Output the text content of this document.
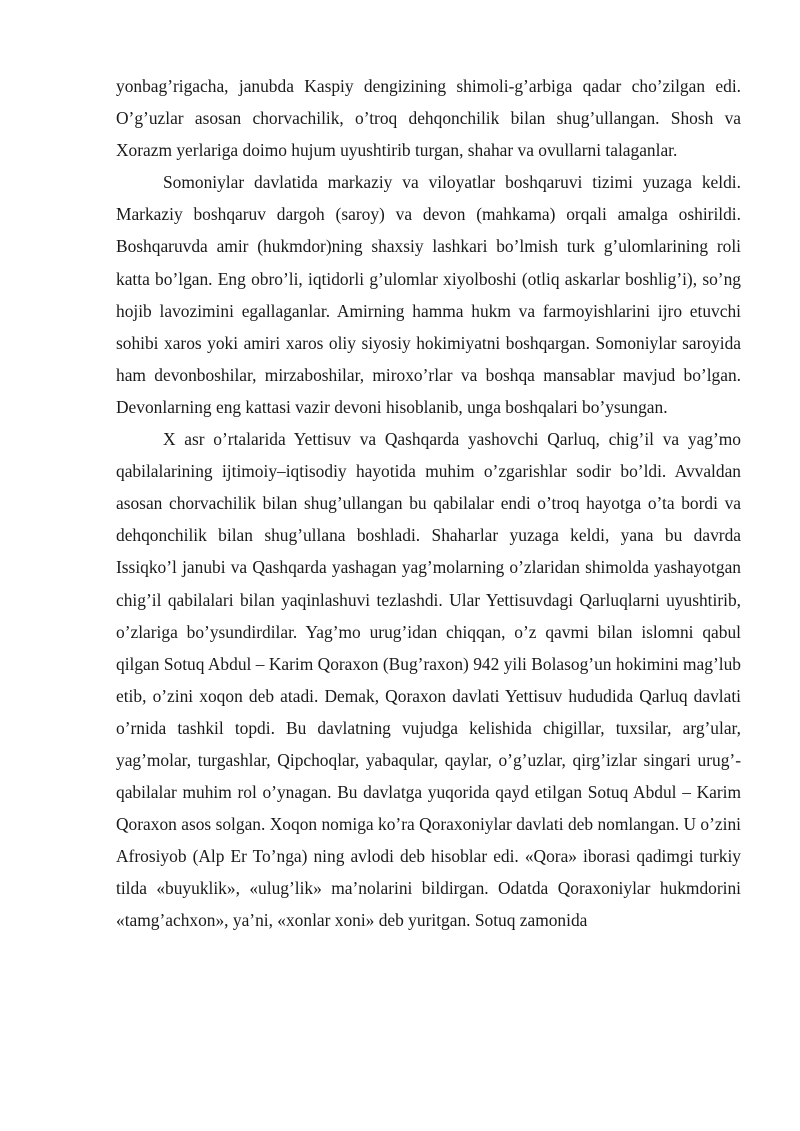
yonbag’rigacha, janubda Kaspiy dengizining shimoli-g’arbiga qadar cho’zilgan edi. O’g’uzlar asosan chorvachilik, o’troq dehqonchilik bilan shug’ullangan. Shosh va Xorazm yerlariga doimo hujum uyushtirib turgan, shahar va ovullarni talaganlar.

Somoniylar davlatida markaziy va viloyatlar boshqaruvi tizimi yuzaga keldi. Markaziy boshqaruv dargoh (saroy) va devon (mahkama) orqali amalga oshirildi. Boshqaruvda amir (hukmdor)ning shaxsiy lashkari bo’lmish turk g’ulomlarining roli katta bo’lgan. Eng obro’li, iqtidorli g’ulomlar xiyolboshi (otliq askarlar boshlig’i), so’ng hojib lavozimini egallaganlar. Amirning hamma hukm va farmoyishlarini ijro etuvchi sohibi xaros yoki amiri xaros oliy siyosiy hokimiyatni boshqargan. Somoniylar saroyida ham devonboshilar, mirzaboshilar, miroxo’rlar va boshqa mansablar mavjud bo’lgan. Devonlarning eng kattasi vazir devoni hisoblanib, unga boshqalari bo’ysungan.

X asr o’rtalarida Yettisuv va Qashqarda yashovchi Qarluq, chig’il va yag’mo qabilalarining ijtimoiy–iqtisodiy hayotida muhim o’zgarishlar sodir bo’ldi. Avvaldan asosan chorvachilik bilan shug’ullangan bu qabilalar endi o’troq hayotga o’ta bordi va dehqonchilik bilan shug’ullana boshladi. Shaharlar yuzaga keldi, yana bu davrda Issiqko’l janubi va Qashqarda yashagan yag’molarning o’zlaridan shimolda yashayotgan chig’il qabilalari bilan yaqinlashuvi tezlashdi. Ular Yettisuvdagi Qarluqlarni uyushtirib, o’zlariga bo’ysundirdilar. Yag’mo urug’idan chiqqan, o’z qavmi bilan islomni qabul qilgan Sotuq Abdul – Karim Qoraxon (Bug’raxon) 942 yili Bolasog’un hokimini mag’lub etib, o’zini xoqon deb atadi. Demak, Qoraxon davlati Yettisuv hududida Qarluq davlati o’rnida tashkil topdi. Bu davlatning vujudga kelishida chigillar, tuxsilar, arg’ular, yag’molar, turgashlar, Qipchoqlar, yabaqular, qaylar, o’g’uzlar, qirg’izlar singari urug’-qabilalar muhim rol o’ynagan. Bu davlatga yuqorida qayd etilgan Sotuq Abdul – Karim Qoraxon asos solgan. Xoqon nomiga ko’ra Qoraxoniylar davlati deb nomlangan. U o’zini Afrosiyob (Alp Er To’nga) ning avlodi deb hisoblar edi. «Qora» iborasi qadimgi turkiy tilda «buyuklik», «ulug’lik» ma’nolarini bildirgan. Odatda Qoraxoniylar hukmdorini «tamg’achxon», ya’ni, «xonlar xoni» deb yuritgan. Sotuq zamonida
